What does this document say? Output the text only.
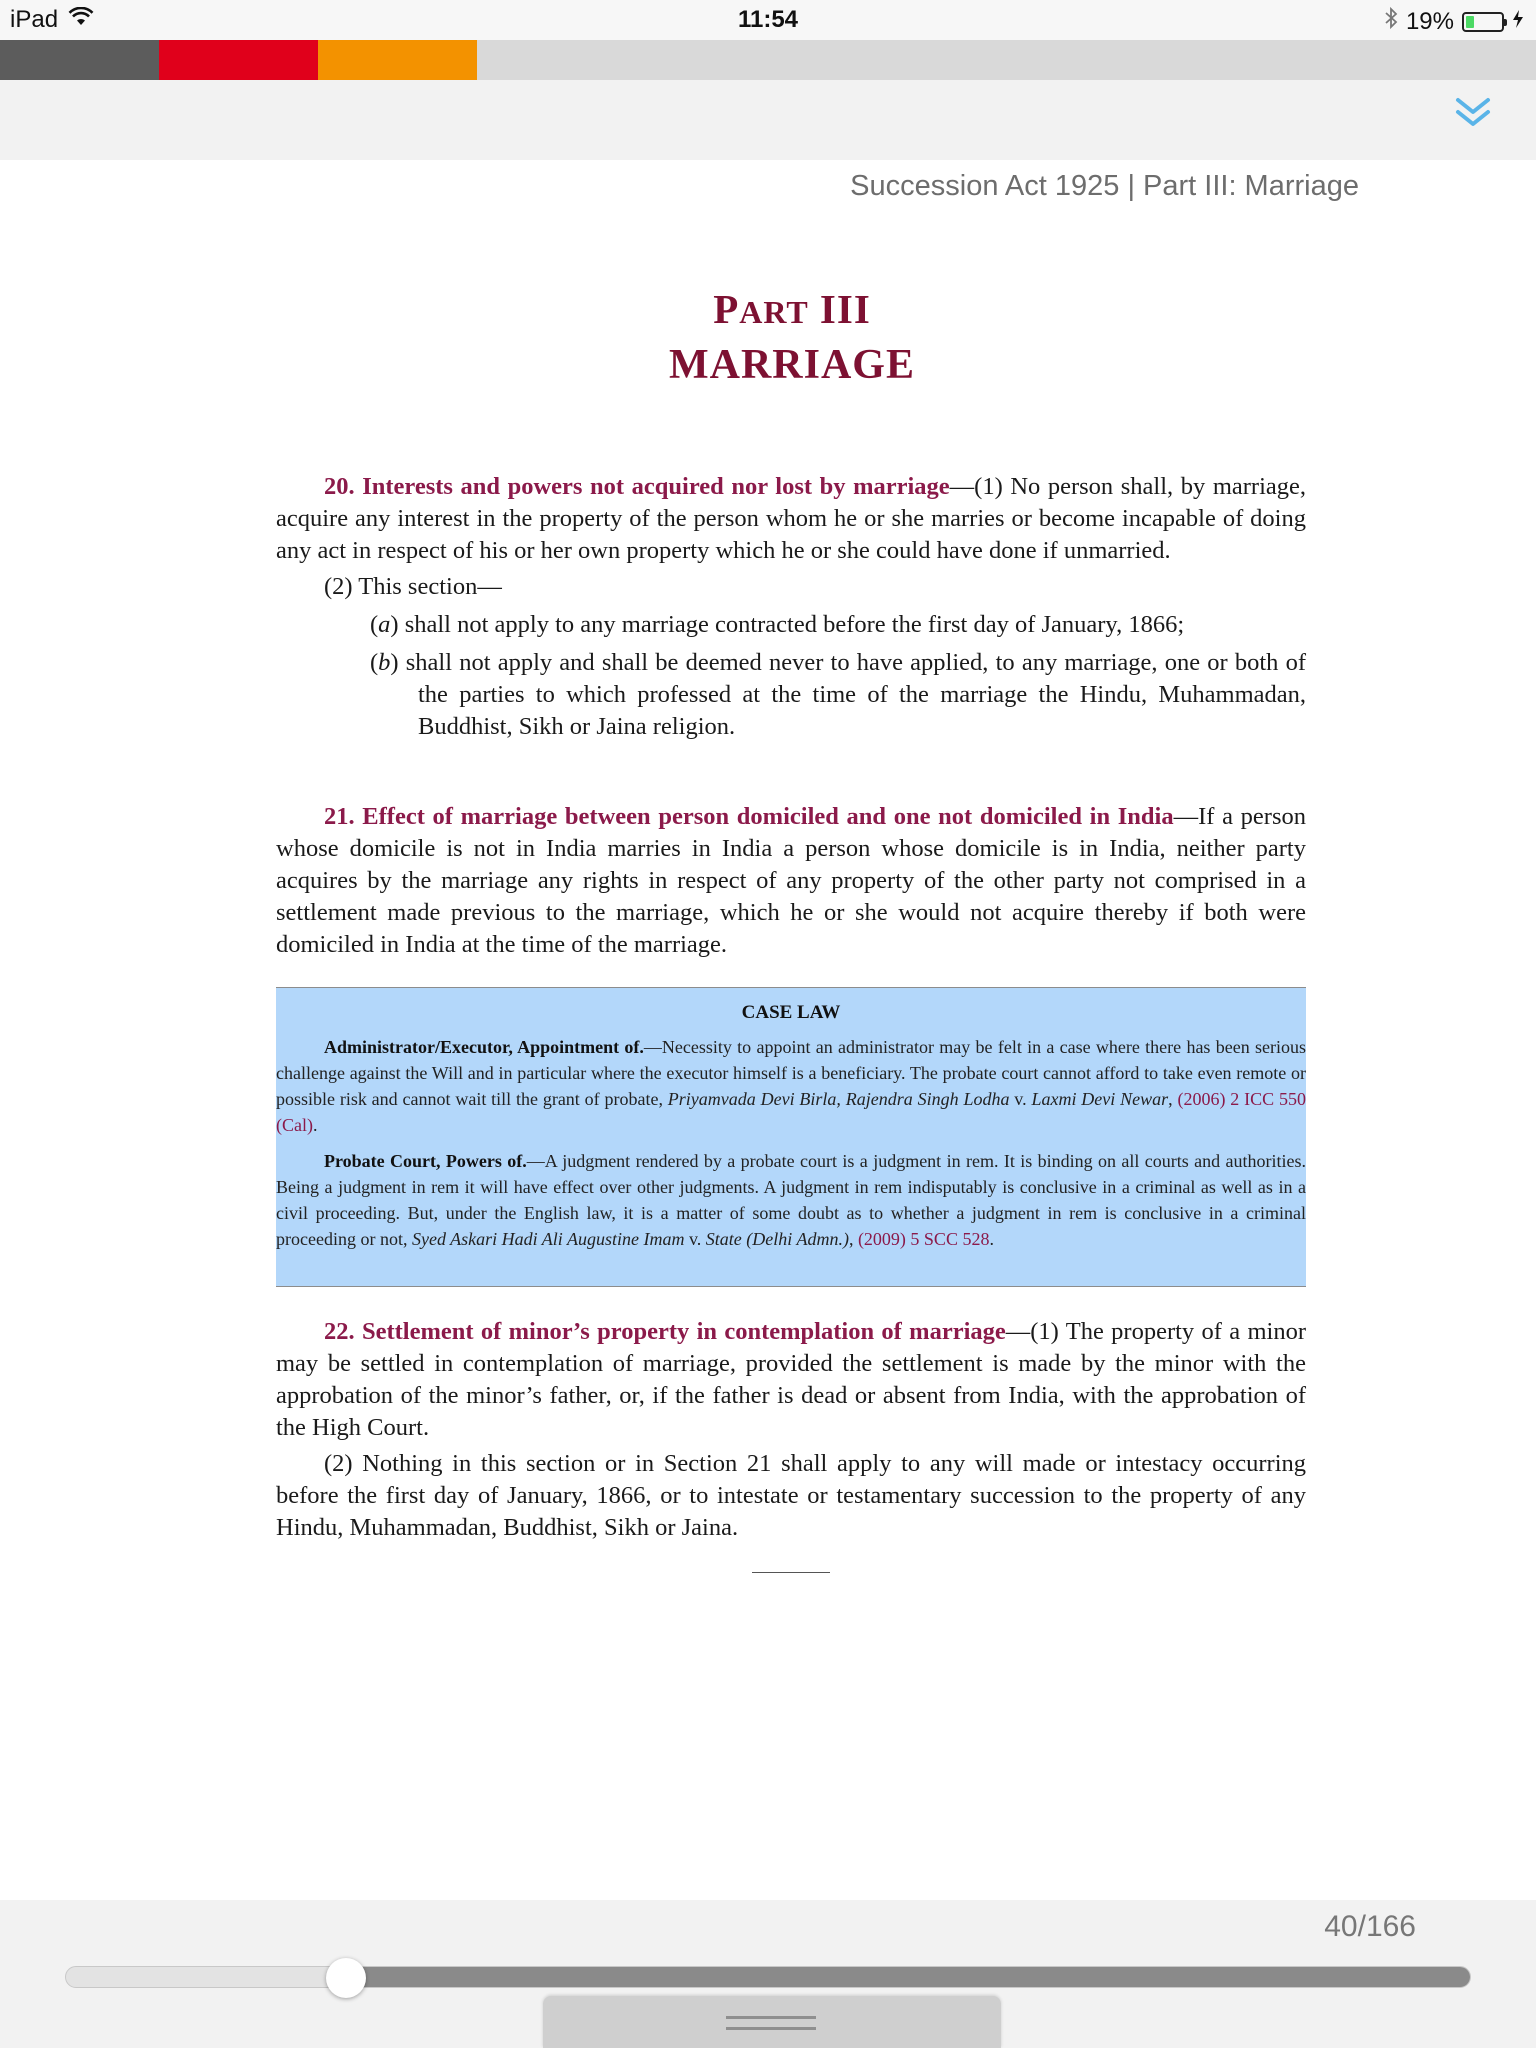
iPad	11:54	19%
Succession Act 1925 | Part III: Marriage
PART III
MARRIAGE

20. Interests and powers not acquired nor lost by marriage—(1) No person shall, by marriage, acquire any interest in the property of the person whom he or she marries or become incapable of doing any act in respect of his or her own property which he or she could have done if unmarried.

(2) This section—

(a) shall not apply to any marriage contracted before the first day of January, 1866;

(b) shall not apply and shall be deemed never to have applied, to any marriage, one or both of the parties to which professed at the time of the marriage the Hindu, Muhammadan, Buddhist, Sikh or Jaina religion.

21. Effect of marriage between person domiciled and one not domiciled in India—If a person whose domicile is not in India marries in India a person whose domicile is in India, neither party acquires by the marriage any rights in respect of any property of the other party not comprised in a settlement made previous to the marriage, which he or she would not acquire thereby if both were domiciled in India at the time of the marriage.

CASE LAW

Administrator/Executor, Appointment of.—Necessity to appoint an administrator may be felt in a case where there has been serious challenge against the Will and in particular where the executor himself is a beneficiary. The probate court cannot afford to take even remote or possible risk and cannot wait till the grant of probate, Priyamvada Devi Birla, Rajendra Singh Lodha v. Laxmi Devi Newar, (2006) 2 ICC 550 (Cal).

Probate Court, Powers of.—A judgment rendered by a probate court is a judgment in rem. It is binding on all courts and authorities. Being a judgment in rem it will have effect over other judgments. A judgment in rem indisputably is conclusive in a criminal as well as in a civil proceeding. But, under the English law, it is a matter of some doubt as to whether a judgment in rem is conclusive in a criminal proceeding or not, Syed Askari Hadi Ali Augustine Imam v. State (Delhi Admn.), (2009) 5 SCC 528.

22. Settlement of minor’s property in contemplation of marriage—(1) The property of a minor may be settled in contemplation of marriage, provided the settlement is made by the minor with the approbation of the minor’s father, or, if the father is dead or absent from India, with the approbation of the High Court.

(2) Nothing in this section or in Section 21 shall apply to any will made or intestacy occurring before the first day of January, 1866, or to intestate or testamentary succession to the property of any Hindu, Muhammadan, Buddhist, Sikh or Jaina.

40/166
